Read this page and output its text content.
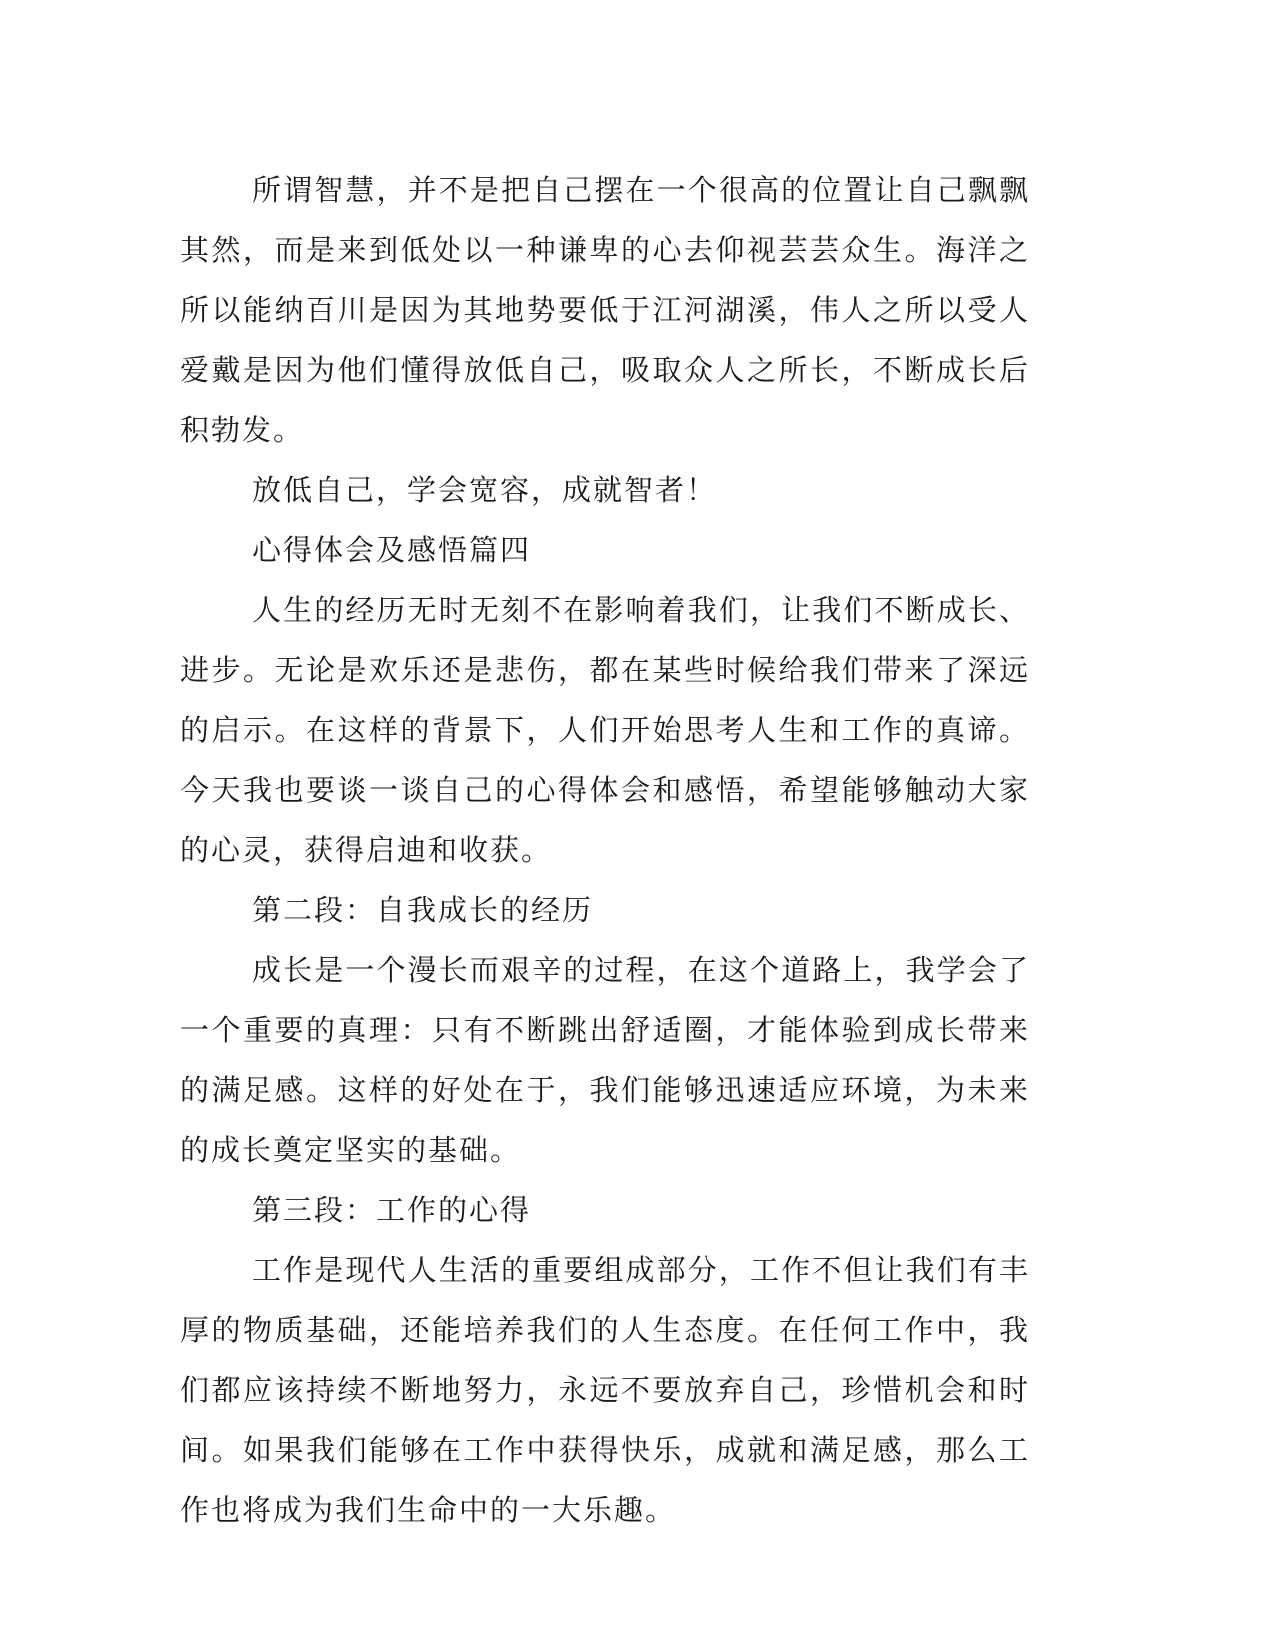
所谓智慧，并不是把自己摆在一个很高的位置让自己飘飘其然，而是来到低处以一种谦卑的心去仰视芸芸众生。海洋之所以能纳百川是因为其地势要低于江河湖溪，伟人之所以受人爱戴是因为他们懂得放低自己，吸取众人之所长，不断成长后积勃发。

放低自己，学会宽容，成就智者！

心得体会及感悟篇四

人生的经历无时无刻不在影响着我们，让我们不断成长、进步。无论是欢乐还是悲伤，都在某些时候给我们带来了深远的启示。在这样的背景下，人们开始思考人生和工作的真谛。今天我也要谈一谈自己的心得体会和感悟，希望能够触动大家的心灵，获得启迪和收获。

第二段：自我成长的经历

成长是一个漫长而艰辛的过程，在这个道路上，我学会了一个重要的真理：只有不断跳出舒适圈，才能体验到成长带来的满足感。这样的好处在于，我们能够迅速适应环境，为未来的成长奠定坚实的基础。

第三段：工作的心得

工作是现代人生活的重要组成部分，工作不但让我们有丰厚的物质基础，还能培养我们的人生态度。在任何工作中，我们都应该持续不断地努力，永远不要放弃自己，珍惜机会和时间。如果我们能够在工作中获得快乐，成就和满足感，那么工作也将成为我们生命中的一大乐趣。
